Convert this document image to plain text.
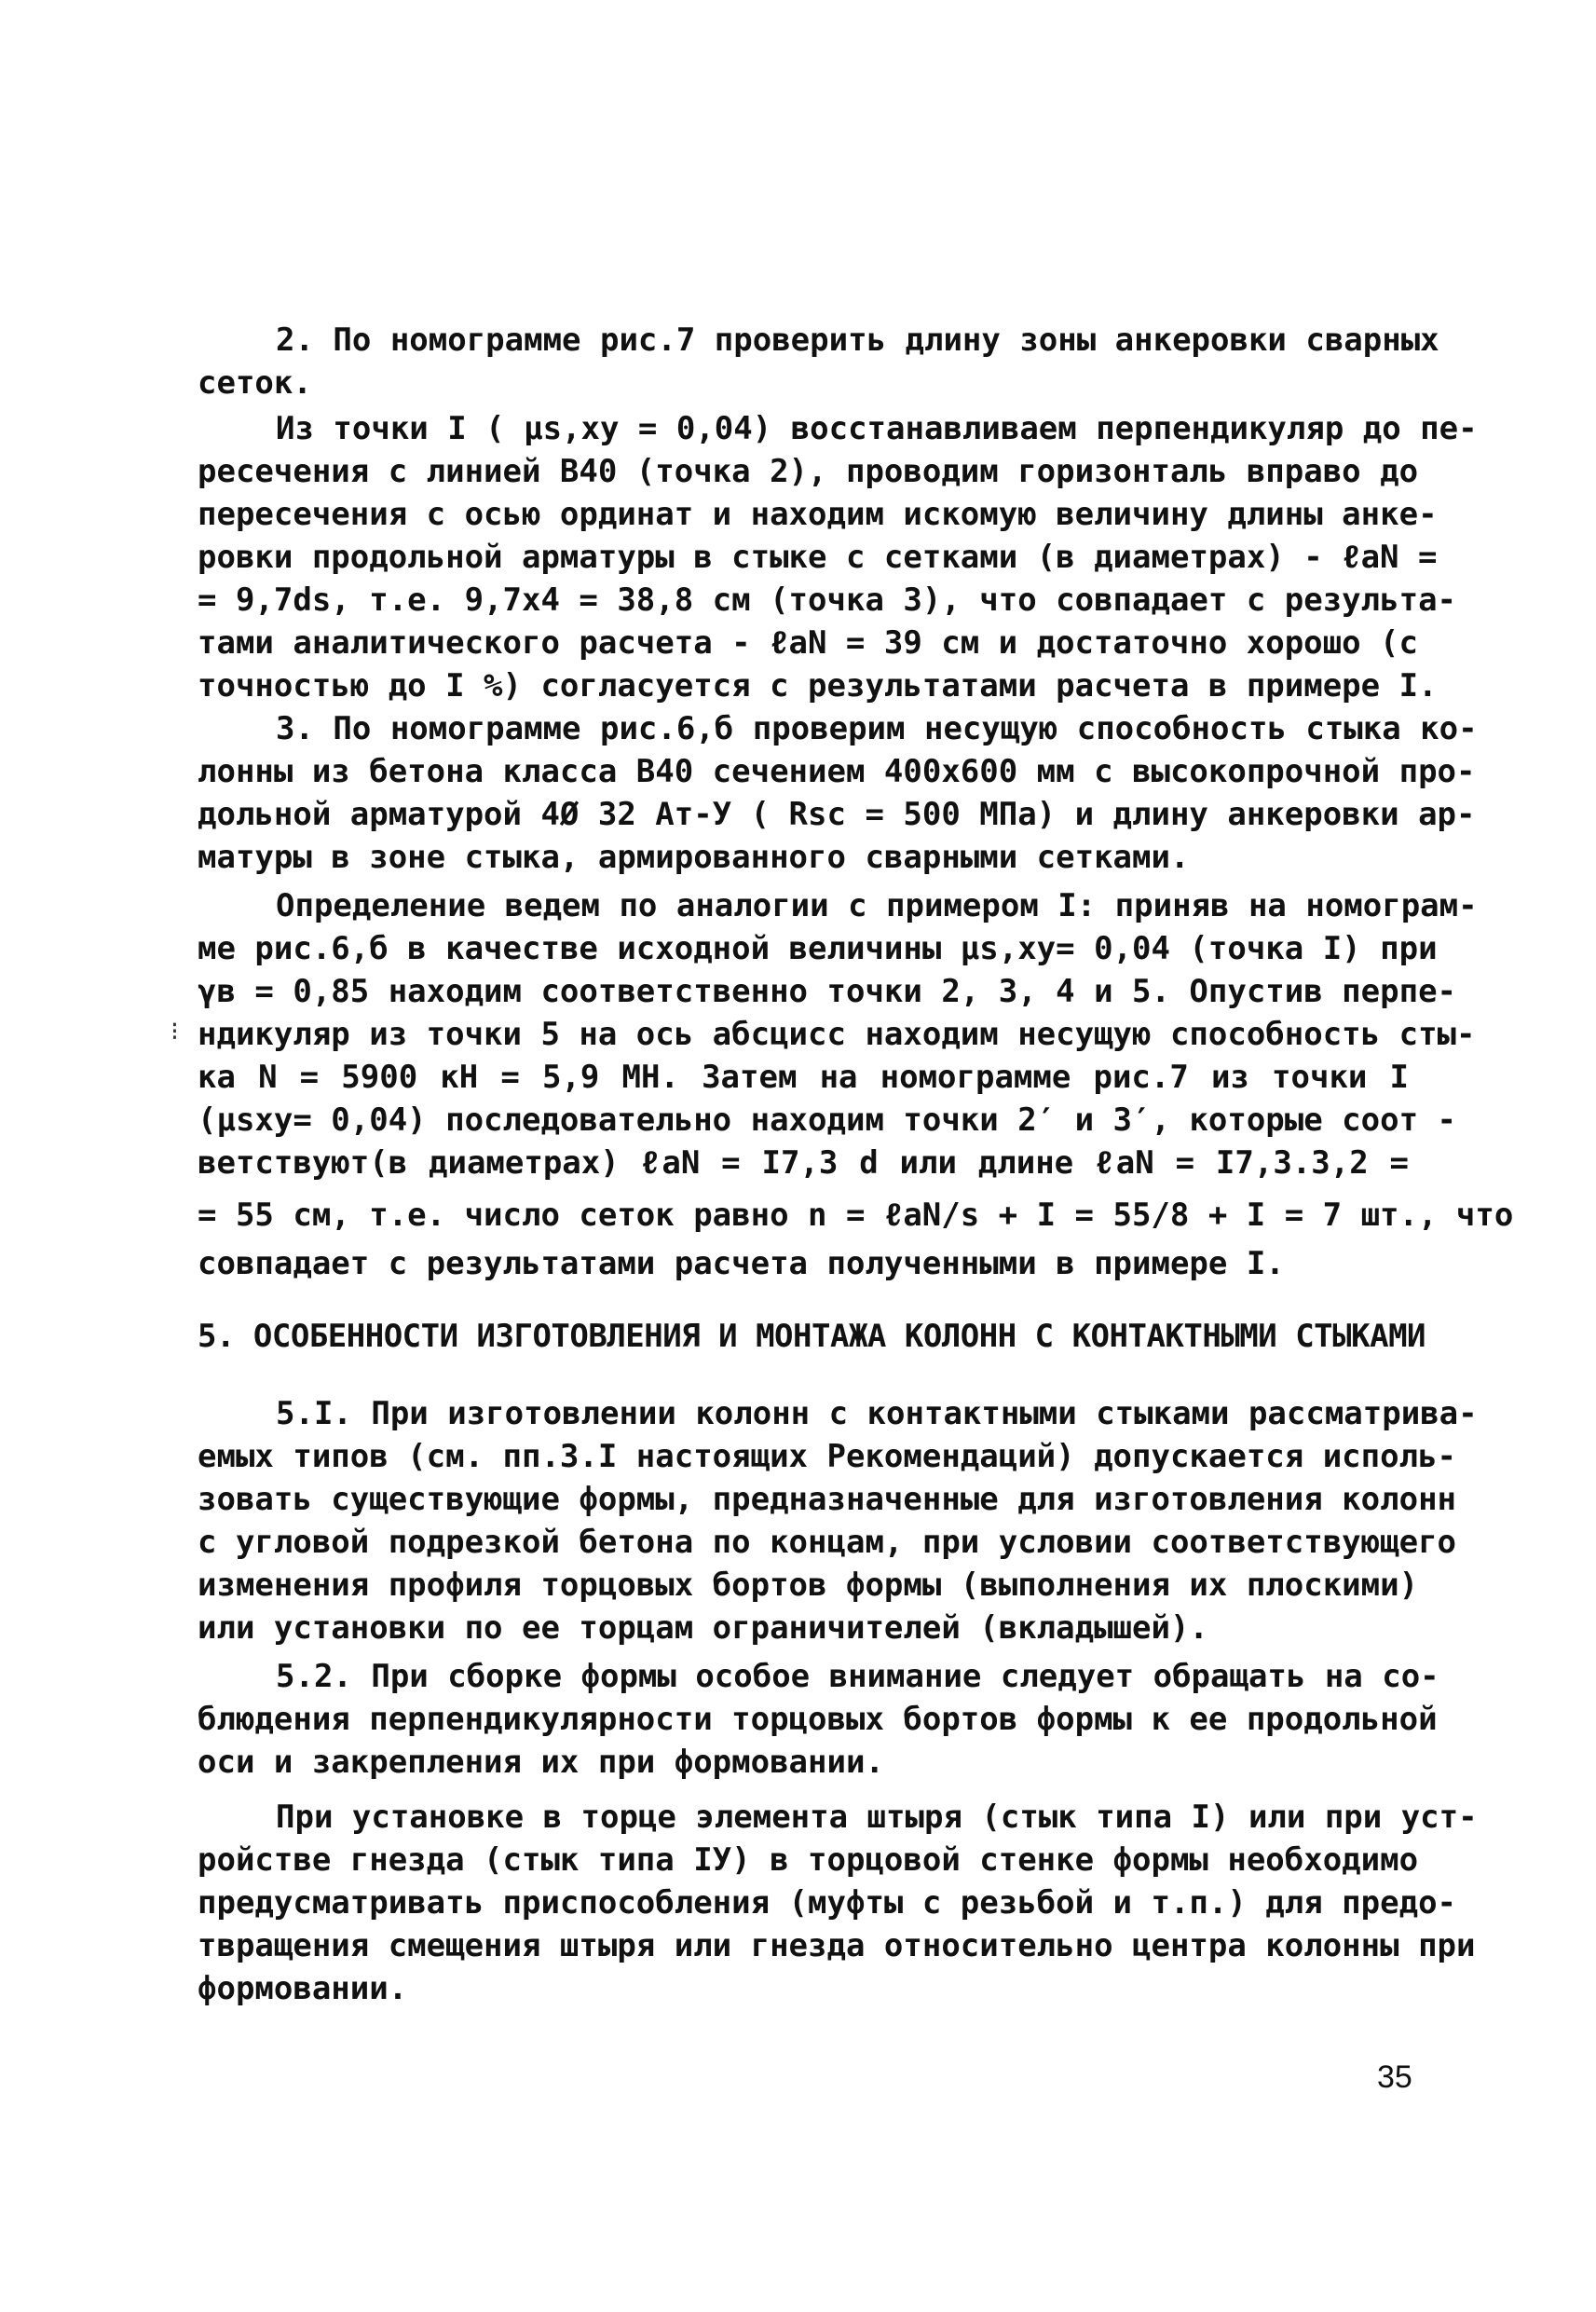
2. По номограмме рис.7 проверить длину зоны анкеровки сварных
сеток.
Из точки I ( μs,xy = 0,04) восстанавливаем перпендикуляр до пе-
ресечения с линией В40 (точка 2), проводим горизонталь вправо до
пересечения с осью ординат и находим искомую величину длины анке-
ровки продольной арматуры в стыке с сетками (в диаметрах) - ℓaN =
= 9,7ds, т.е. 9,7x4 = 38,8 см (точка 3), что совпадает с результа-
тами аналитического расчета - ℓaN = 39 см и достаточно хорошо (с
точностью до I %) согласуется с результатами расчета в примере I.
3. По номограмме рис.6,б проверим несущую способность стыка ко-
лонны из бетона класса В40 сечением 400x600 мм с высокопрочной про-
дольной арматурой 4Ø 32 Ат-У ( Rsc = 500 МПа) и длину анкеровки ар-
матуры в зоне стыка, армированного сварными сетками.
Определение ведем по аналогии с примером I: приняв на номограм-
ме рис.6,б в качестве исходной величины μs,xy= 0,04 (точка I) при
γв = 0,85 находим соответственно точки 2, 3, 4 и 5. Опустив перпе-
ндикуляр из точки 5 на ось абсцисс находим несущую способность сты-
ка N = 5900 кН = 5,9 МН. Затем на номограмме рис.7 из точки I
(μsxy= 0,04) последовательно находим точки 2′ и 3′, которые соот -
ветствуют(в диаметрах) ℓaN = I7,3 d или длине ℓaN = I7,3.3,2 =
= 55 см, т.е. число сеток равно n = ℓaN/s + I = 55/8 + I = 7 шт., что
совпадает с результатами расчета полученными в примере I.
5.I. При изготовлении колонн с контактными стыками рассматрива-
емых типов (см. пп.3.I настоящих Рекомендаций) допускается исполь-
зовать существующие формы, предназначенные для изготовления колонн
с угловой подрезкой бетона по концам, при условии соответствующего
изменения профиля торцовых бортов формы (выполнения их плоскими)
или установки по ее торцам ограничителей (вкладышей).
5.2. При сборке формы особое внимание следует обращать на со-
блюдения перпендикулярности торцовых бортов формы к ее продольной
оси и закрепления их при формовании.
При установке в торце элемента штыря (стык типа I) или при уст-
ройстве гнезда (стык типа IУ) в торцовой стенке формы необходимо
предусматривать приспособления (муфты с резьбой и т.п.) для предо-
твращения смещения штыря или гнезда относительно центра колонны при
формовании.
5. ОСОБЕННОСТИ ИЗГОТОВЛЕНИЯ И МОНТАЖА КОЛОНН С КОНТАКТНЫМИ СТЫКАМИ
⁝
35
